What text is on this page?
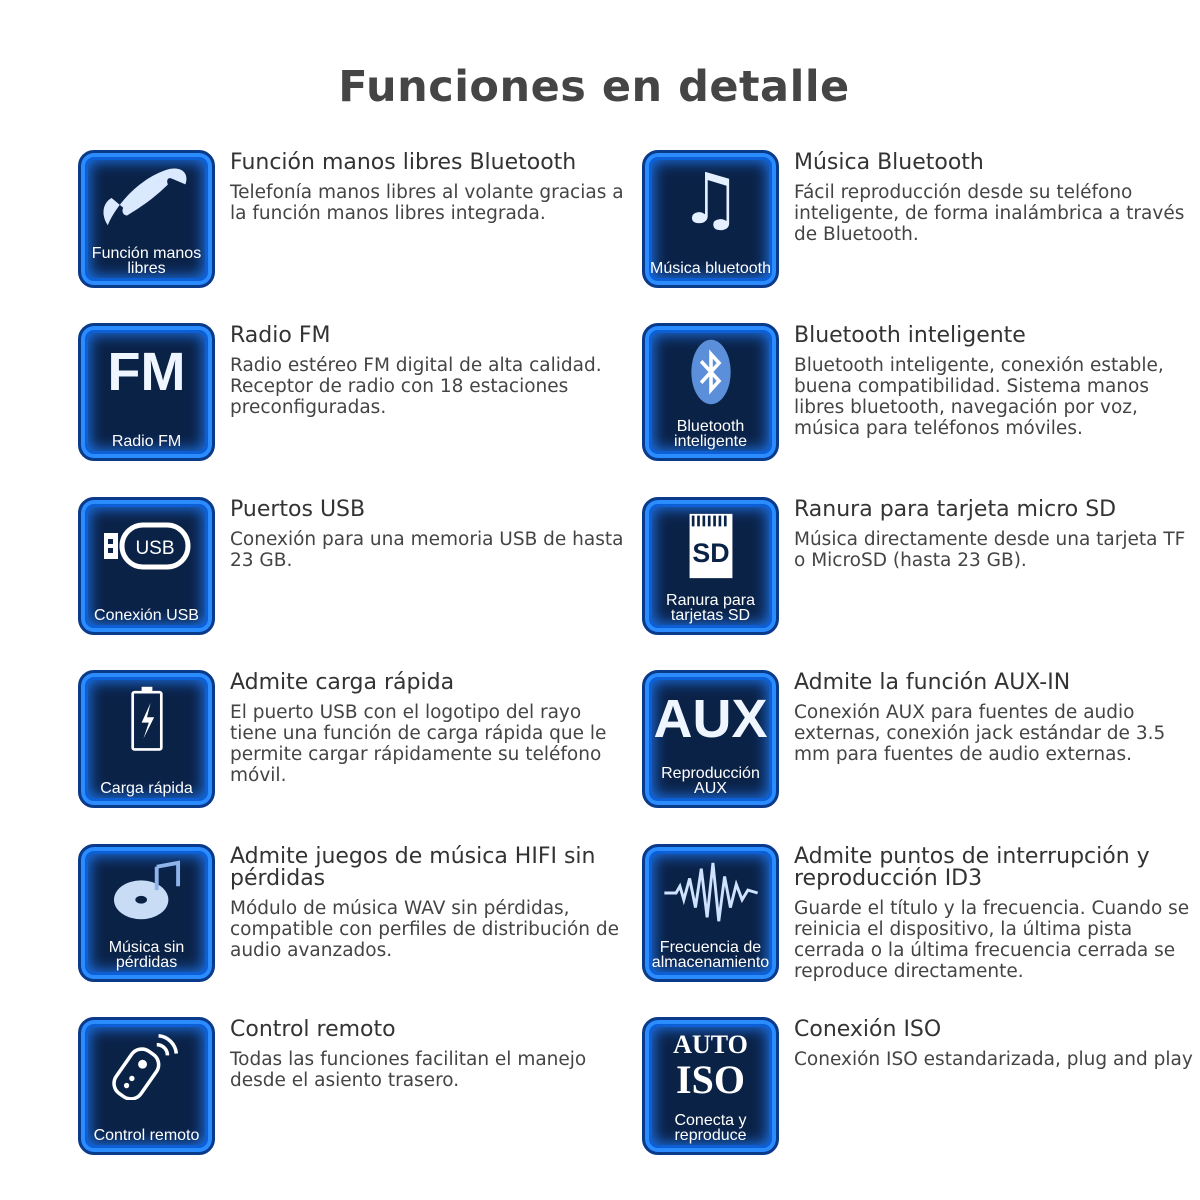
Funciones en detalle
Función manos libres
Función manos libres Bluetooth
Telefonía manos libres al volante gracias a la función manos libres integrada.	♫
Música bluetooth
Música Bluetooth
Fácil reproducción desde su teléfono inteligente, de forma inalámbrica a través de Bluetooth.
FM
Radio FM
Radio FM
Radio estéreo FM digital de alta calidad. Receptor de radio con 18 estaciones preconfiguradas.
Bluetooth inteligente
Bluetooth inteligente
Bluetooth inteligente, conexión estable, buena compatibilidad. Sistema manos libres bluetooth, navegación por voz, música para teléfonos móviles.
USB
Conexión USB
Puertos USB
Conexión para una memoria USB de hasta 23 GB.	SD
Ranura para tarjetas SD
Ranura para tarjeta micro SD
Música directamente desde una tarjeta TF o MicroSD (hasta 23 GB).
Carga rápida
Admite carga rápida
El puerto USB con el logotipo del rayo tiene una función de carga rápida que le permite cargar rápidamente su teléfono móvil.
AUX
Reproducción AUX
Admite la función AUX-IN
Conexión AUX para fuentes de audio externas, conexión jack estándar de 3.5 mm para fuentes de audio externas.
Música sin pérdidas
Admite juegos de música HIFI sin pérdidas
Módulo de música WAV sin pérdidas, compatible con perfiles de distribución de audio avanzados.	Frecuencia de almacenamiento
Admite puntos de interrupción y reproducción ID3
Guarde el título y la frecuencia. Cuando se reinicia el dispositivo, la última pista cerrada o la última frecuencia cerrada se reproduce directamente.
Control remoto
Control remoto
Todas las funciones facilitan el manejo desde el asiento trasero.
AUTO
ISO
Conecta y reproduce
Conexión ISO
Conexión ISO estandarizada, plug and play
